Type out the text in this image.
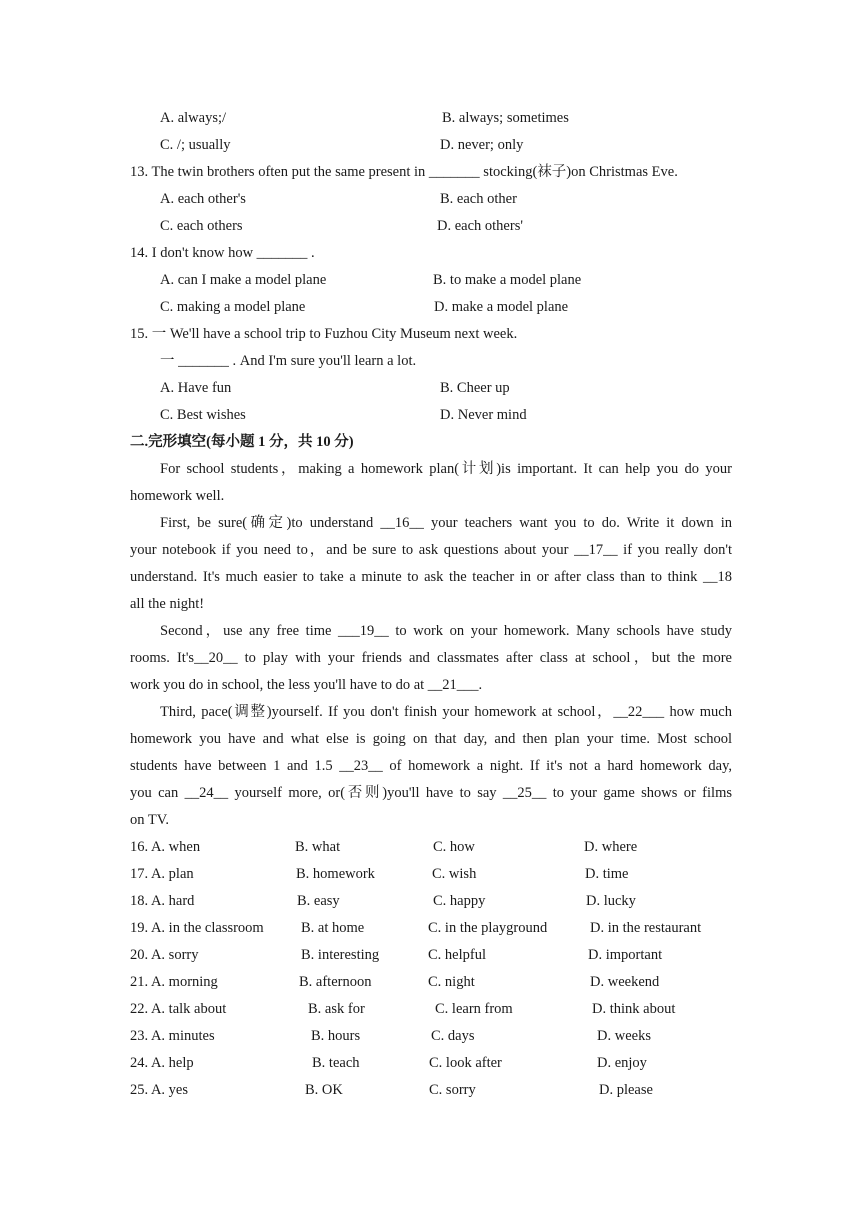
A. always;/	B. always; sometimes
C. /; usually	D. never; only
13. The twin brothers often put the same present in _______ stocking(袜子)on Christmas Eve.
A. each other's	B. each other
C. each others	D. each others'
14. I don't know how _______ .
A. can I make a model plane	B. to make a model plane
C. making a model plane	D. make a model plane
15. 一 We'll have a school trip to Fuzhou City Museum next week.
一 _______ . And I'm sure you'll learn a lot.
A. Have fun	B. Cheer up
C. Best wishes	D. Never mind
二.完形填空(每小题 1 分，共 10 分)
For school students，making a homework plan(计划)is important. It can help you do your
homework well.
First, be sure(确定)to understand __16__ your teachers want you to do. Write it down in
your notebook if you need to，and be sure to ask questions about your __17__ if you really don't
understand. It's much easier to take a minute to ask the teacher in or after class than to think __18
all the night!
Second，use any free time ___19__ to work on your homework. Many schools have study
rooms. It's__20__ to play with your friends and classmates after class at school，but the more
work you do in school, the less you'll have to do at __21___.
Third, pace(调整)yourself. If you don't finish your homework at school，__22___ how much
homework you have and what else is going on that day, and then plan your time. Most school
students have between 1 and 1.5 __23__ of homework a night. If it's not a hard homework day,
you can __24__ yourself more, or(否则)you'll have to say __25__ to your game shows or films
on TV.
16. A. when	B. what	C. how	D. where
17. A. plan	B. homework	C. wish	D. time
18. A. hard	B. easy	C. happy	D. lucky
19. A. in the classroom	B. at home	C. in the playground	D. in the restaurant
20. A. sorry	B. interesting	C. helpful	D. important
21. A. morning	B. afternoon	C. night	D. weekend
22. A. talk about	B. ask for	C. learn from	D. think about
23. A. minutes	B. hours	C. days	D. weeks
24. A. help	B. teach	C. look after	D. enjoy
25. A. yes	B. OK	C. sorry	D. please
